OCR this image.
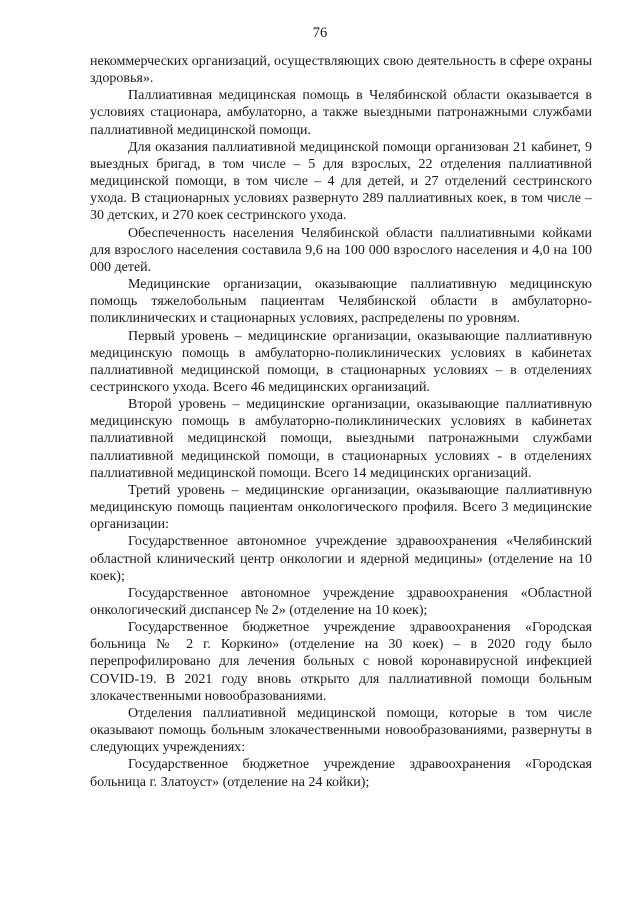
76

некоммерческих организаций, осуществляющих свою деятельность в сфере охраны здоровья».

Паллиативная медицинская помощь в Челябинской области оказывается в условиях стационара, амбулаторно, а также выездными патронажными службами паллиативной медицинской помощи.

Для оказания паллиативной медицинской помощи организован 21 кабинет, 9 выездных бригад, в том числе – 5 для взрослых, 22 отделения паллиативной медицинской помощи, в том числе – 4 для детей, и 27 отделений сестринского ухода. В стационарных условиях развернуто 289 паллиативных коек, в том числе – 30 детских, и 270 коек сестринского ухода.

Обеспеченность населения Челябинской области паллиативными койками для взрослого населения составила 9,6 на 100 000 взрослого населения и 4,0 на 100 000 детей.

Медицинские организации, оказывающие паллиативную медицинскую помощь тяжелобольным пациентам Челябинской области в амбулаторно-поликлинических и стационарных условиях, распределены по уровням.

Первый уровень – медицинские организации, оказывающие паллиативную медицинскую помощь в амбулаторно-поликлинических условиях в кабинетах паллиативной медицинской помощи, в стационарных условиях – в отделениях сестринского ухода. Всего 46 медицинских организаций.

Второй уровень – медицинские организации, оказывающие паллиативную медицинскую помощь в амбулаторно-поликлинических условиях в кабинетах паллиативной медицинской помощи, выездными патронажными службами паллиативной медицинской помощи, в стационарных условиях - в отделениях паллиативной медицинской помощи. Всего 14 медицинских организаций.

Третий уровень – медицинские организации, оказывающие паллиативную медицинскую помощь пациентам онкологического профиля. Всего 3 медицинские организации:

Государственное автономное учреждение здравоохранения «Челябинский областной клинический центр онкологии и ядерной медицины» (отделение на 10 коек);

Государственное автономное учреждение здравоохранения «Областной онкологический диспансер № 2» (отделение на 10 коек);

Государственное бюджетное учреждение здравоохранения «Городская больница № 2 г. Коркино» (отделение на 30 коек) – в 2020 году было перепрофилировано для лечения больных с новой коронавирусной инфекцией COVID-19. В 2021 году вновь открыто для паллиативной помощи больным злокачественными новообразованиями.

Отделения паллиативной медицинской помощи, которые в том числе оказывают помощь больным злокачественными новообразованиями, развернуты в следующих учреждениях:

Государственное бюджетное учреждение здравоохранения «Городская больница г. Златоуст» (отделение на 24 койки);
